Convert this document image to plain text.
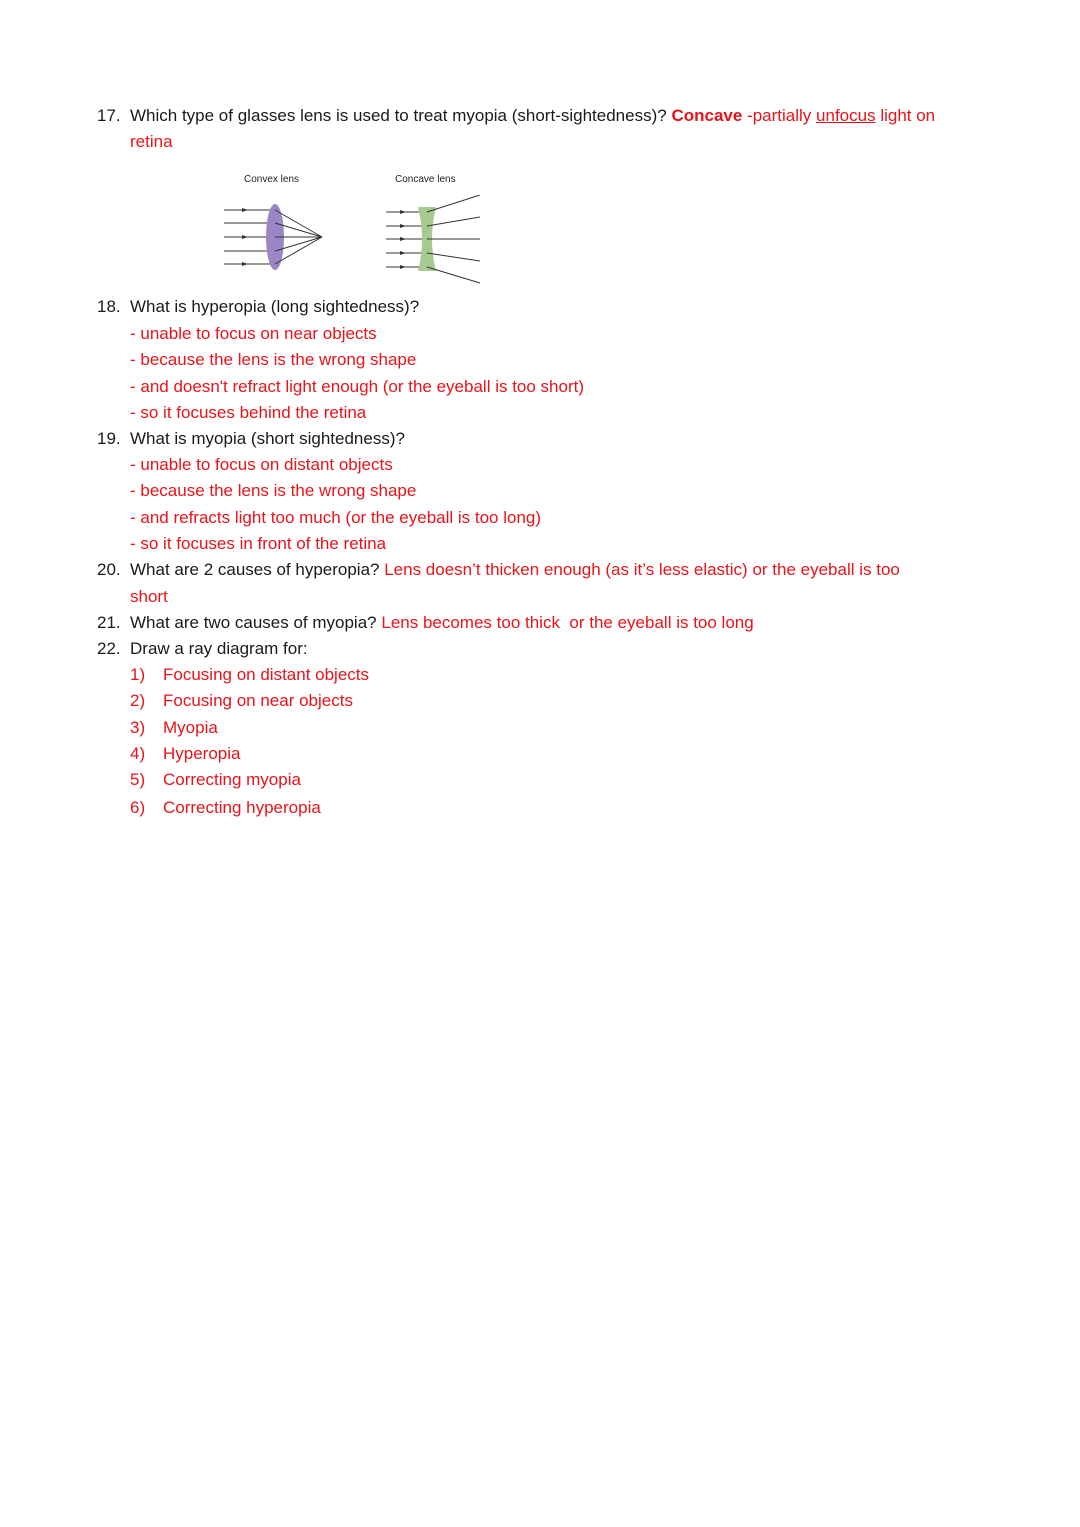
17. Which type of glasses lens is used to treat myopia (short-sightedness)? Concave -partially unfocus light on
retina
Convex lens	Concave lens
18. What is hyperopia (long sightedness)?
- unable to focus on near objects
- because the lens is the wrong shape
- and doesn't refract light enough (or the eyeball is too short)
- so it focuses behind the retina
19. What is myopia (short sightedness)?
- unable to focus on distant objects
- because the lens is the wrong shape
- and refracts light too much (or the eyeball is too long)
- so it focuses in front of the retina
20. What are 2 causes of hyperopia? Lens doesn’t thicken enough (as it’s less elastic) or the eyeball is too
short
21. What are two causes of myopia? Lens becomes too thick  or the eyeball is too long
22. Draw a ray diagram for:
1) Focusing on distant objects
2) Focusing on near objects
3) Myopia
4) Hyperopia
5) Correcting myopia
6) Correcting hyperopia
